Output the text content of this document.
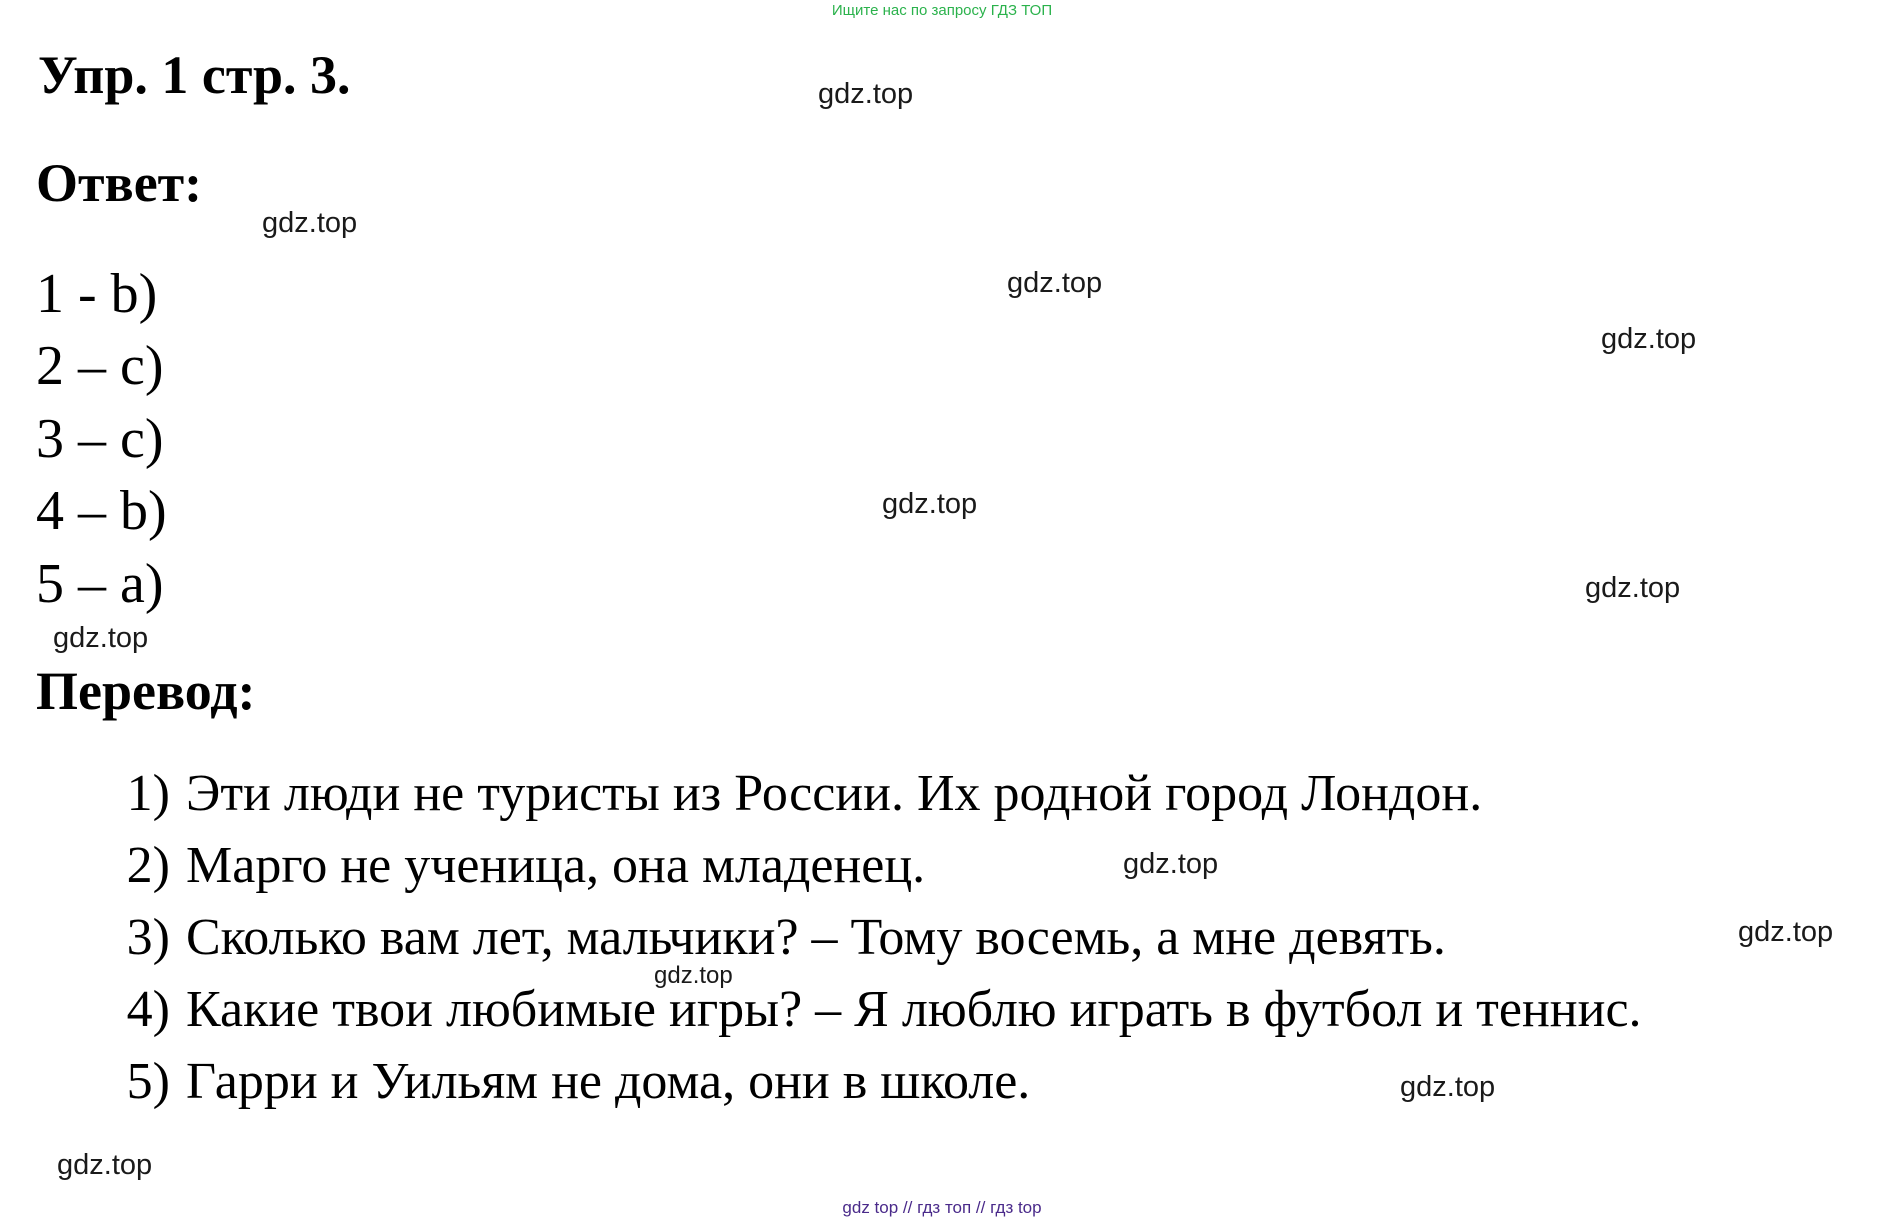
Ищите нас по запросу ГДЗ ТОП
Упр. 1 стр. 3.
Ответ:
1 - b)
2 – c)
3 – c)
4 – b)
5 – a)
Перевод:
1) Эти люди не туристы из России. Их родной город Лондон.
2) Марго не ученица, она младенец.
3) Сколько вам лет, мальчики? – Тому восемь, а мне девять.
4) Какие твои любимые игры? – Я люблю играть в футбол и теннис.
5) Гарри и Уильям не дома, они в школе.
gdz.top
gdz.top
gdz.top
gdz.top
gdz.top
gdz.top
gdz.top
gdz.top
gdz.top
gdz.top
gdz.top
gdz.top
gdz top // гдз топ // гдз top
